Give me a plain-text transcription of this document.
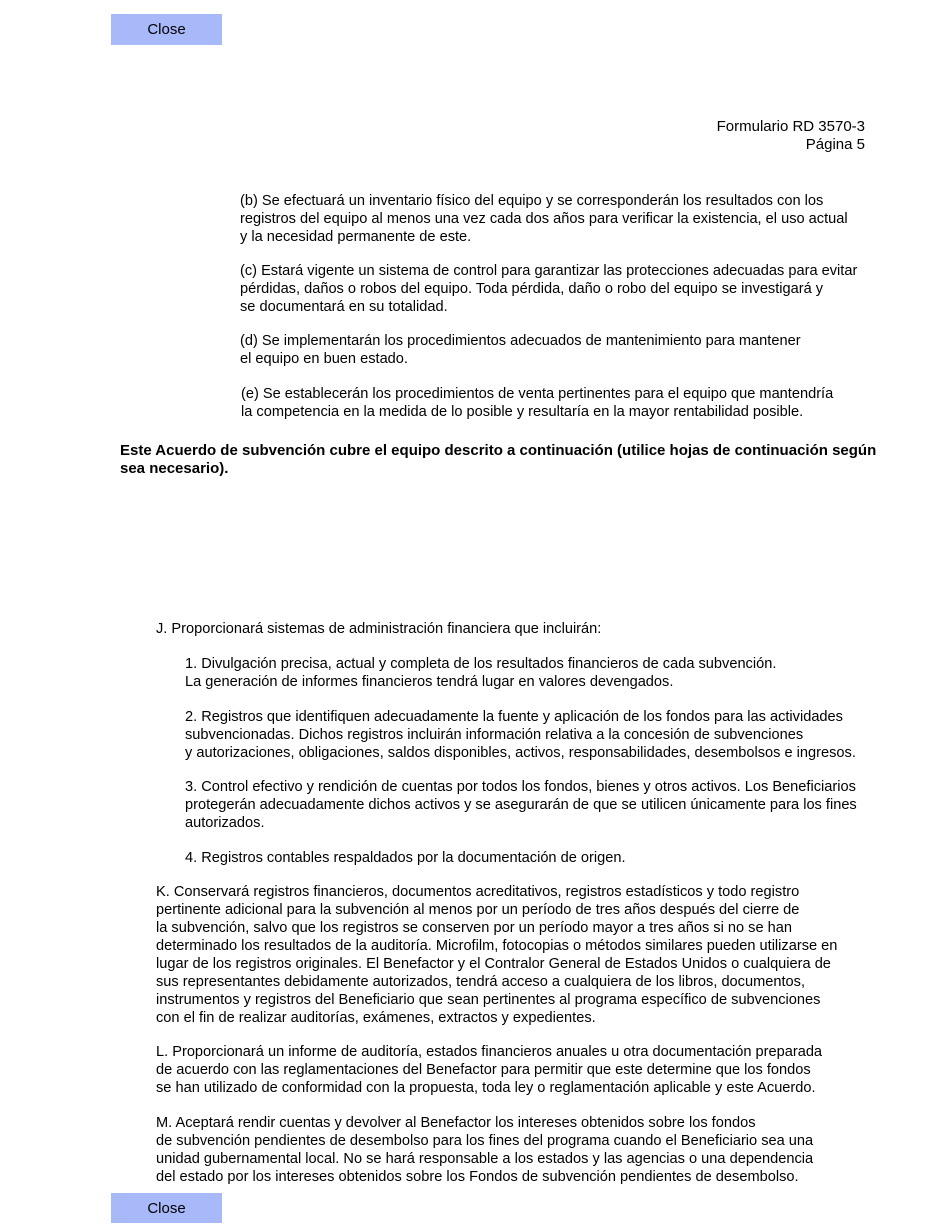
Close
Formulario RD 3570-3
Página 5
(b) Se efectuará un inventario físico del equipo y se corresponderán los resultados con los
registros del equipo al menos una vez cada dos años para verificar la existencia, el uso actual
y la necesidad permanente de este.
(c) Estará vigente un sistema de control para garantizar las protecciones adecuadas para evitar
pérdidas, daños o robos del equipo. Toda pérdida, daño o robo del equipo se investigará y
se documentará en su totalidad.
(d) Se implementarán los procedimientos adecuados de mantenimiento para mantener
el equipo en buen estado.
(e) Se establecerán los procedimientos de venta pertinentes para el equipo que mantendría
la competencia en la medida de lo posible y resultaría en la mayor rentabilidad posible.
Este Acuerdo de subvención cubre el equipo descrito a continuación (utilice hojas de continuación según
sea necesario).
J. Proporcionará sistemas de administración financiera que incluirán:
1. Divulgación precisa, actual y completa de los resultados financieros de cada subvención.
La generación de informes financieros tendrá lugar en valores devengados.
2. Registros que identifiquen adecuadamente la fuente y aplicación de los fondos para las actividades
subvencionadas. Dichos registros incluirán información relativa a la concesión de subvenciones
y autorizaciones, obligaciones, saldos disponibles, activos, responsabilidades, desembolsos e ingresos.
3. Control efectivo y rendición de cuentas por todos los fondos, bienes y otros activos. Los Beneficiarios
protegerán adecuadamente dichos activos y se asegurarán de que se utilicen únicamente para los fines
autorizados.
4. Registros contables respaldados por la documentación de origen.
K. Conservará registros financieros, documentos acreditativos, registros estadísticos y todo registro
pertinente adicional para la subvención al menos por un período de tres años después del cierre de
la subvención, salvo que los registros se conserven por un período mayor a tres años si no se han
determinado los resultados de la auditoría. Microfilm, fotocopias o métodos similares pueden utilizarse en
lugar de los registros originales. El Benefactor y el Contralor General de Estados Unidos o cualquiera de
sus representantes debidamente autorizados, tendrá acceso a cualquiera de los libros, documentos,
instrumentos y registros del Beneficiario que sean pertinentes al programa específico de subvenciones
con el fin de realizar auditorías, exámenes, extractos y expedientes.
L. Proporcionará un informe de auditoría, estados financieros anuales u otra documentación preparada
de acuerdo con las reglamentaciones del Benefactor para permitir que este determine que los fondos
se han utilizado de conformidad con la propuesta, toda ley o reglamentación aplicable y este Acuerdo.
M. Aceptará rendir cuentas y devolver al Benefactor los intereses obtenidos sobre los fondos
de subvención pendientes de desembolso para los fines del programa cuando el Beneficiario sea una
unidad gubernamental local. No se hará responsable a los estados y las agencias o una dependencia
del estado por los intereses obtenidos sobre los Fondos de subvención pendientes de desembolso.
Close
